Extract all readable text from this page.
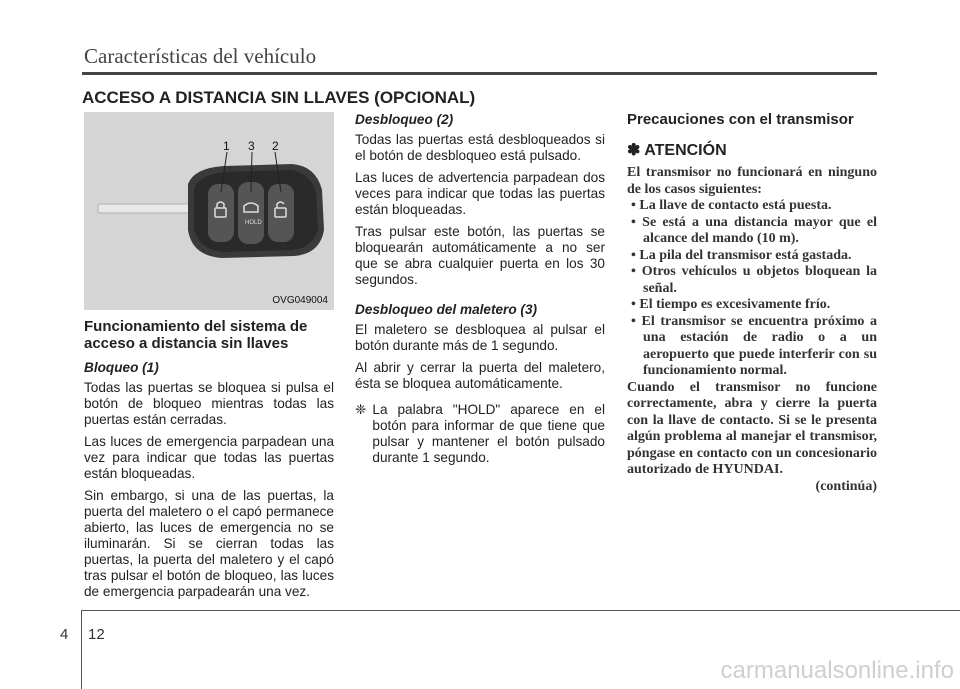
Características del vehículo
ACCESO A DISTANCIA SIN LLAVES (OPCIONAL)
HOLD
1 3 2
OVG049004
Funcionamiento del sistema de acceso a distancia sin llaves
Bloqueo (1)

Todas las puertas se bloquea si pulsa el botón de bloqueo mientras todas las puertas están cerradas.

Las luces de emergencia parpadean una vez para indicar que todas las puertas están bloqueadas.

Sin embargo, si una de las puertas, la puerta del maletero o el capó permanece abierto, las luces de emergencia no se iluminarán. Si se cierran todas las puertas, la puerta del maletero y el capó tras pulsar el botón de bloqueo, las luces de emergencia parpadearán una vez.

Desbloqueo (2)

Todas las puertas está desbloqueados si el botón de desbloqueo está pulsado.

Las luces de advertencia parpadean dos veces para indicar que todas las puertas están bloqueadas.

Tras pulsar este botón, las puertas se bloquearán automáticamente a no ser que se abra cualquier puerta en los 30 segundos.

Desbloqueo del maletero (3)

El maletero se desbloquea al pulsar el botón durante más de 1 segundo.

Al abrir y cerrar la puerta del maletero, ésta se bloquea automáticamente.

❈ La palabra "HOLD" aparece en el botón para informar de que tiene que pulsar y mantener el botón pulsado durante 1 segundo.
Precauciones con el transmisor
✽ ATENCIÓN

El transmisor no funcionará en ninguno de los casos siguientes:

• La llave de contacto está puesta.
• Se está a una distancia mayor que el alcance del mando (10 m).
• La pila del transmisor está gastada.
• Otros vehículos u objetos bloquean la señal.
• El tiempo es excesivamente frío.
• El transmisor se encuentra próximo a una estación de radio o a un aeropuerto que puede interferir con su funcionamiento normal.

Cuando el transmisor no funcione correctamente, abra y cierre la puerta con la llave de contacto. Si se le presenta algún problema al manejar el transmisor, póngase en contacto con un concesionario autorizado de HYUNDAI.

(continúa)

4 12
carmanualsonline.info
